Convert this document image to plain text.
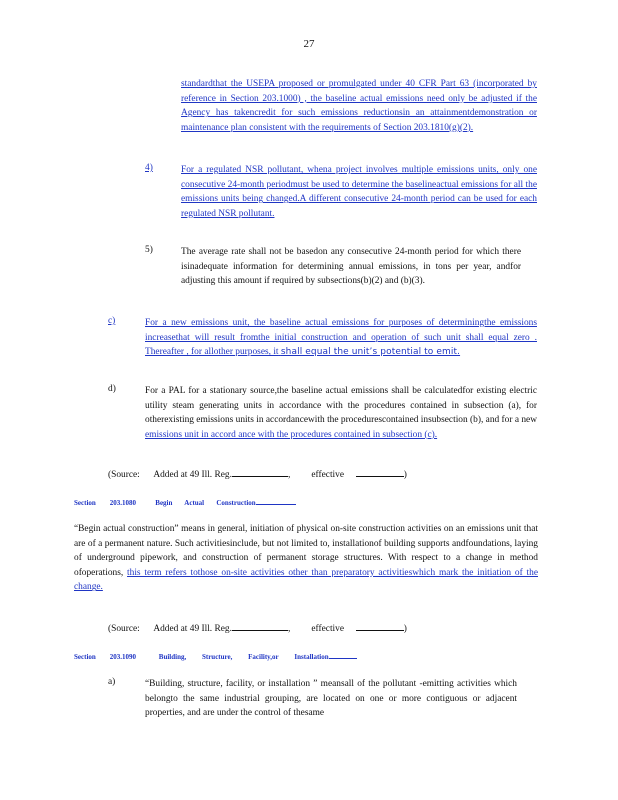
27
standardthat the USEPA proposed or promulgated under 40 CFR Part 63 (incorporated by reference in Section 203.1000) , the baseline actual emissions need only be adjusted if the Agency has takencredit for such emissions reductionsin an attainmentdemonstration or maintenance plan consistent with the requirements of Section 203.1810(g)(2).
4)	For a regulated NSR pollutant, whena project involves multiple emissions units, only one consecutive 24-month periodmust be used to determine the baselineactual emissions for all the emissions units being changed.A different consecutive 24-month period can be used for each regulated NSR pollutant.
5)	The average rate shall not be basedon any consecutive 24-month period for which there isinadequate information for determining annual emissions, in tons per year, andfor adjusting this amount if required by subsections(b)(2) and (b)(3).
c)	For a new emissions unit, the baseline actual emissions for purposes of determiningthe emissions increasethat will result fromthe initial construction and operation of such unit shall equal zero . Thereafter , for allother purposes, it shall equal the unit’s potential to emit.
d)	For a PAL for a stationary source,the baseline actual emissions shall be calculatedfor existing electric utility steam generating units in accordance with the procedures contained in subsection (a), for otherexisting emissions units in accordancewith the procedurescontained insubsection (b), and for a new emissions unit in accord ance with the procedures contained in subsection (c).
(Source: Added at 49 Ill. Reg.	,         effective	)
Section 203.1080	Begin Actual Construction
“Begin actual construction” means in general, initiation of physical on-site construction activities on an emissions unit that are of a permanent nature. Such activitiesinclude, but not limited to, installationof building supports andfoundations, laying of underground pipework, and construction of permanent storage structures. With respect to a change in method ofoperations, this term refers tothose on-site activities other than preparatory activitieswhich mark the initiation of the change.
(Source: Added at 49 Ill. Reg.	,         effective	)
Section 203.1090	Building, Structure, Facility,or Installation
a)	“Building, structure, facility, or installation ” meansall of the pollutant -emitting activities which belongto the same industrial grouping, are located on one or more contiguous or adjacent properties, and are under the control of thesame
